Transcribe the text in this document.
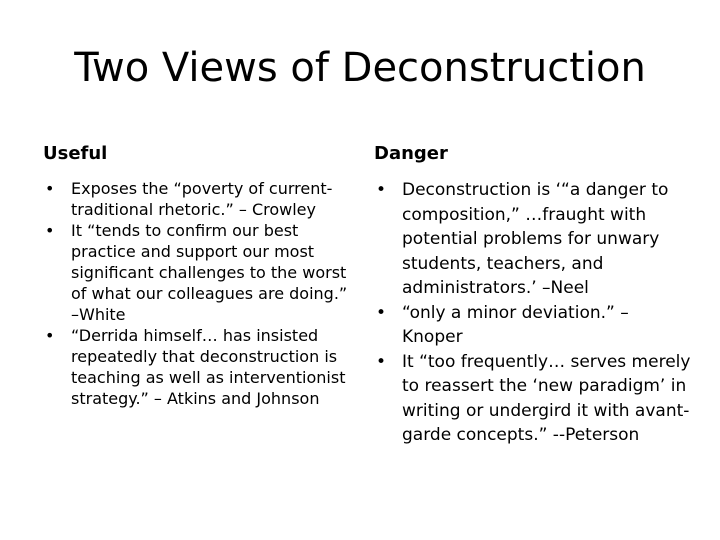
Two Views of Deconstruction
Useful
• Exposes the “poverty of current-traditional rhetoric.” – Crowley
• It “tends to confirm our best practice and support our most significant challenges to the worst of what our colleagues are doing.” –White
• “Derrida himself… has insisted repeatedly that deconstruction is teaching as well as interventionist strategy.” – Atkins and Johnson
Danger
• Deconstruction is ‘“a danger to composition,” …fraught with potential problems for unwary students, teachers, and administrators.’ –Neel
• “only a minor deviation.” – Knoper
• It “too frequently… serves merely to reassert the ‘new paradigm’ in writing or undergird it with avant-garde concepts.” --Peterson
